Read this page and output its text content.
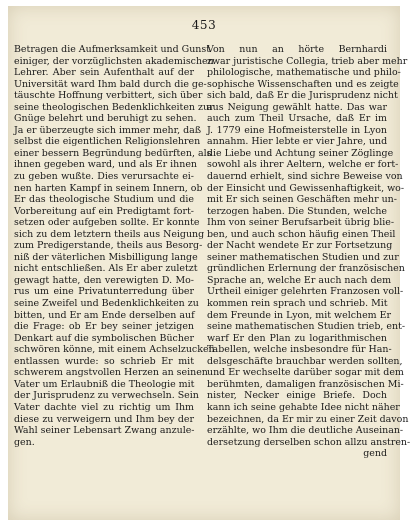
453
Betragen die Aufmerksamkeit und Gunst
einiger, der vorzüglichsten akademischen
Lehrer. Aber sein Aufenthalt auf der
Universität ward Ihm bald durch die ge-
täuschte Hoffnung verbittert, sich über
seine theologischen Bedenklichkeiten zur
Gnüge belehrt und beruhigt zu sehen.
Ja er überzeugte sich immer mehr, daß
selbst die eigentlichen Religionslehren
einer bessern Begründung bedürften, als
ihnen gegeben ward, und als Er ihnen
zu geben wußte. Dies verursachte ei-
nen harten Kampf in seinem Innern, ob
Er das theologische Studium und die
Vorbereitung auf ein Predigtamt fort-
setzen oder aufgeben sollte. Er konnte
sich zu dem letztern theils aus Neigung
zum Predigerstande, theils aus Besorg-
niß der väterlichen Misbilligung lange
nicht entschließen. Als Er aber zuletzt
gewagt hatte, den verewigten D. Mo-
rus um eine Privatunterredung über
seine Zweifel und Bedenklichkeiten zu
bitten, und Er am Ende derselben auf
die Frage: ob Er bey seiner jetzigen
Denkart auf die symbolischen Bücher
schwören könne, mit einem Achselzucken
entlassen wurde: so schrieb Er mit
schwerem angstvollen Herzen an seinen
Vater um Erlaubniß die Theologie mit
der Jurisprudenz zu verwechseln. Sein
Vater dachte viel zu richtig um Ihm
diese zu verweigern und Ihm bey der
Wahl seiner Lebensart Zwang anzule-
gen.
Von nun an hörte Bernhardi
zwar juristische Collegia, trieb aber mehr
philologische, mathematische und philo-
sophische Wissenschaften und es zeigte
sich bald, daß Er die Jurisprudenz nicht
aus Neigung gewählt hatte. Das war
auch zum Theil Ursache, daß Er im
J. 1779 eine Hofmeisterstelle in Lyon
annahm. Hier lebte er vier Jahre, und
die Liebe und Achtung seiner Zöglinge
sowohl als ihrer Aeltern, welche er fort-
dauernd erhielt, sind sichre Beweise von
der Einsicht und Gewissenhaftigkeit, wo-
mit Er sich seinen Geschäften mehr un-
terzogen haben. Die Stunden, welche
Ihm von seiner Berufsarbeit übrig blie-
ben, und auch schon häufig einen Theil
der Nacht wendete Er zur Fortsetzung
seiner mathematischen Studien und zur
gründlichen Erlernung der französischen
Sprache an, welche Er auch nach dem
Urtheil einiger gelehrten Franzosen voll-
kommen rein sprach und schrieb. Mit
dem Freunde in Lyon, mit welchem Er
seine mathematischen Studien trieb, ent-
warf Er den Plan zu logarithmischen
Tabellen, welche insbesondre für Han-
delsgeschäfte brauchbar werden sollten,
und Er wechselte darüber sogar mit dem
berühmten, damaligen französischen Mi-
nister, Necker einige Briefe. Doch
kann ich seine gehabte Idee nicht näher
bezeichnen, da Er mir zu einer Zeit davon
erzählte, wo Ihm die deutliche Auseinan-
dersetzung derselben schon allzu anstren-
gend
